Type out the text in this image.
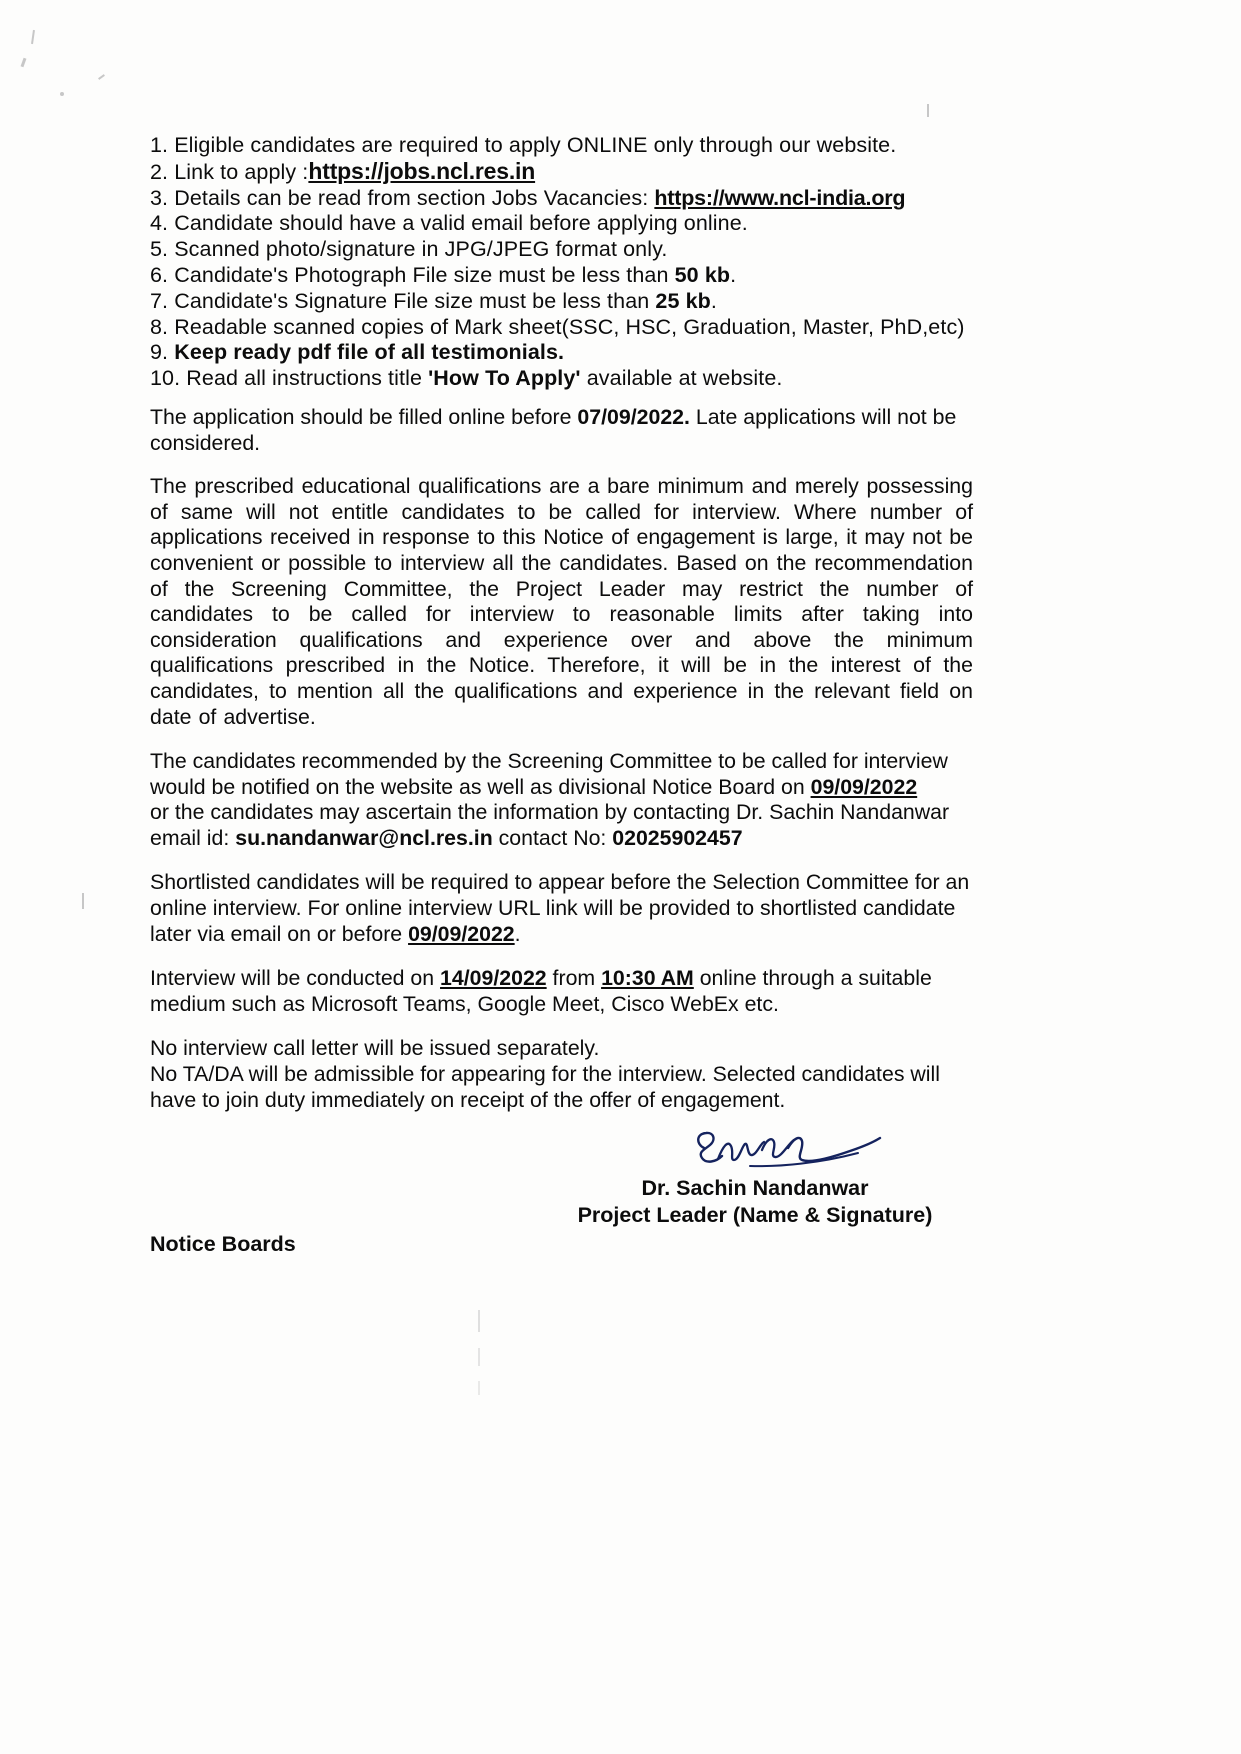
1. Eligible candidates are required to apply ONLINE only through our website.
2. Link to apply :https://jobs.ncl.res.in
3. Details can be read from section Jobs Vacancies: https://www.ncl-india.org
4. Candidate should have a valid email before applying online.
5. Scanned photo/signature in JPG/JPEG format only.
6. Candidate's Photograph File size must be less than 50 kb.
7. Candidate's Signature File size must be less than 25 kb.
8. Readable scanned copies of Mark sheet(SSC, HSC, Graduation, Master, PhD,etc)
9. Keep ready pdf file of all testimonials.
10. Read all instructions title 'How To Apply' available at website.
The application should be filled online before 07/09/2022. Late applications will not be considered.
The prescribed educational qualifications are a bare minimum and merely possessing of same will not entitle candidates to be called for interview. Where number of applications received in response to this Notice of engagement is large, it may not be convenient or possible to interview all the candidates. Based on the recommendation of the Screening Committee, the Project Leader may restrict the number of candidates to be called for interview to reasonable limits after taking into consideration qualifications and experience over and above the minimum qualifications prescribed in the Notice. Therefore, it will be in the interest of the candidates, to mention all the qualifications and experience in the relevant field on date of advertise.
The candidates recommended by the Screening Committee to be called for interview would be notified on the website as well as divisional Notice Board on 09/09/2022
or the candidates may ascertain the information by contacting Dr. Sachin Nandanwar email id: su.nandanwar@ncl.res.in contact No: 02025902457
Shortlisted candidates will be required to appear before the Selection Committee for an online interview. For online interview URL link will be provided to shortlisted candidate later via email on or before 09/09/2022.
Interview will be conducted on 14/09/2022 from 10:30 AM online through a suitable medium such as Microsoft Teams, Google Meet, Cisco WebEx etc.
No interview call letter will be issued separately.
No TA/DA will be admissible for appearing for the interview. Selected candidates will have to join duty immediately on receipt of the offer of engagement.
Dr. Sachin Nandanwar
Project Leader (Name & Signature)
Notice Boards
